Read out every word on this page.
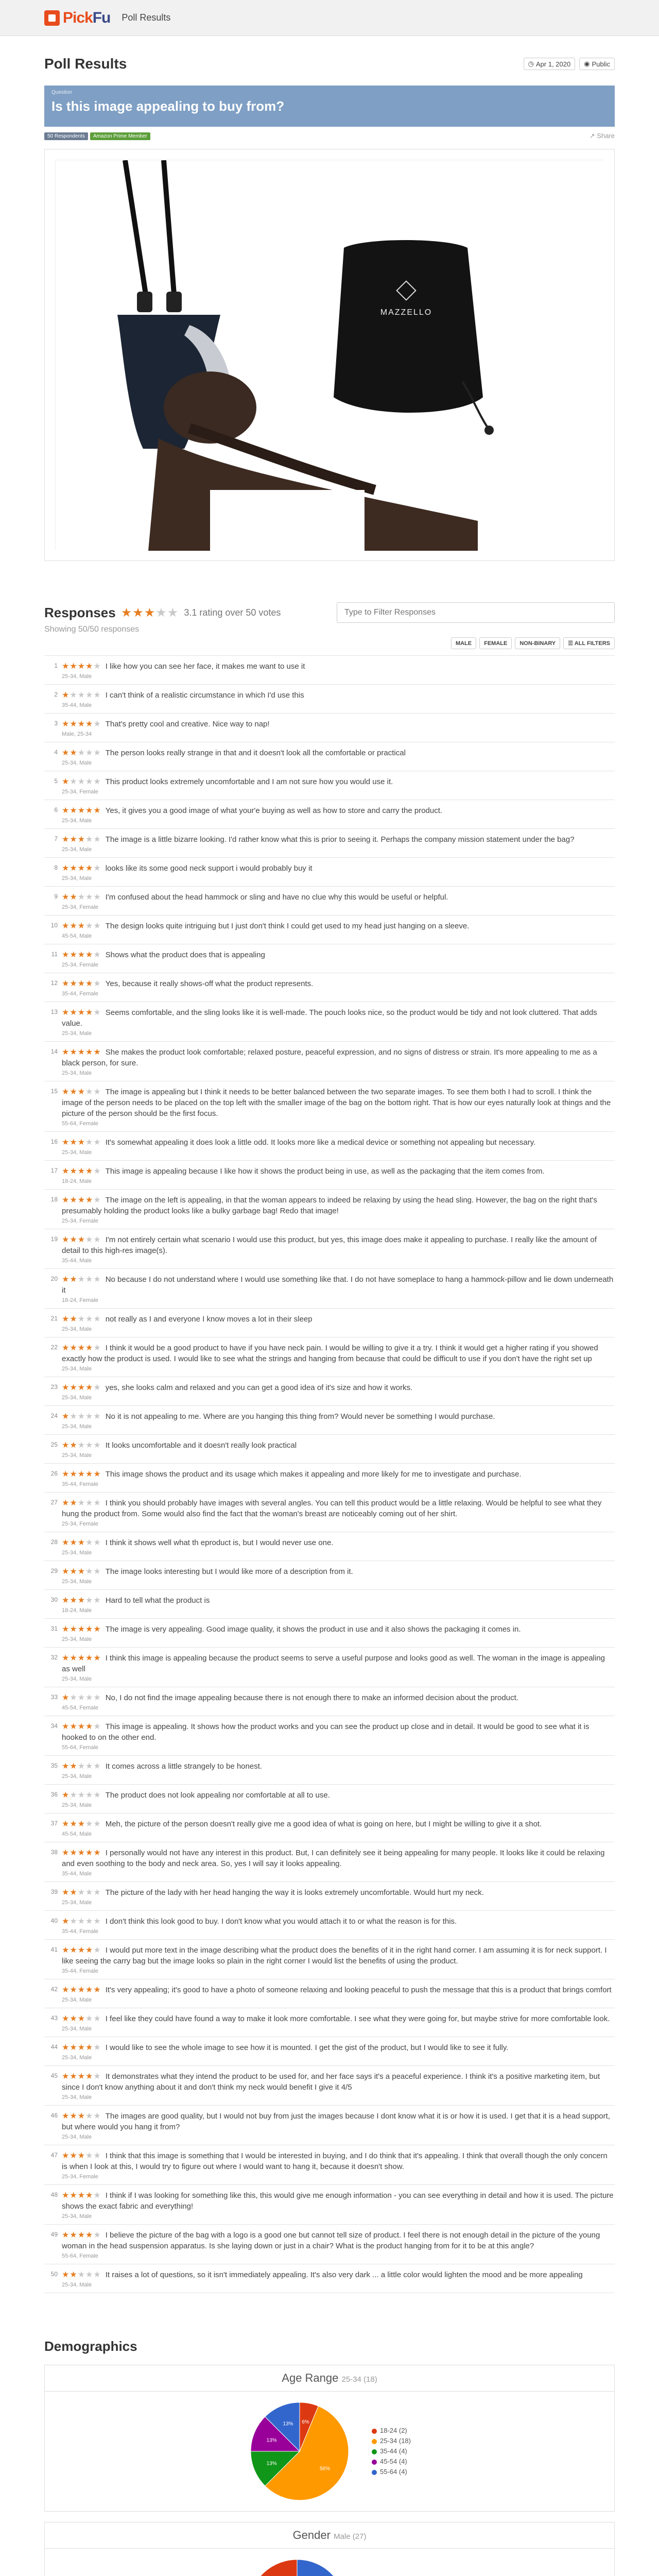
PickFu Poll Results
Poll Results	◷ Apr 1, 2020 ◉ Public
Question
Is this image appealing to buy from?
50 Respondents	Amazon Prime Member	↗ Share
MAZZELLO
Responses ★★★★★ 3.1 rating over 50 votes
Type to Filter Responses
Showing 50/50 responses
MALE	FEMALE	NON-BINARY	☰ ALL FILTERS
1 ★★★★★ I like how you can see her face, it makes me want to use it
25-34, Male
2 ★★★★★ I can't think of a realistic circumstance in which I'd use this
35-44, Male
3 ★★★★★ That's pretty cool and creative. Nice way to nap!
Male, 25-34
4 ★★★★★ The person looks really strange in that and it doesn't look all the comfortable or practical
25-34, Male
5 ★★★★★ This product looks extremely uncomfortable and I am not sure how you would use it.
25-34, Female
6 ★★★★★ Yes, it gives you a good image of what your'e buying as well as how to store and carry the product.
25-34, Male
7 ★★★★★ The image is a little bizarre looking. I'd rather know what this is prior to seeing it. Perhaps the company mission statement under the bag?
25-34, Male
8 ★★★★★ looks like its some good neck support i would probably buy it
25-34, Male
9 ★★★★★ I'm confused about the head hammock or sling and have no clue why this would be useful or helpful.
25-34, Female
10 ★★★★★ The design looks quite intriguing but I just don't think I could get used to my head just hanging on a sleeve.
45-54, Male
11 ★★★★★ Shows what the product does that is appealing
25-34, Female
12 ★★★★★ Yes, because it really shows-off what the product represents.
35-44, Female
13 ★★★★★ Seems comfortable, and the sling looks like it is well-made. The pouch looks nice, so the product would be tidy and not look cluttered. That adds value.
25-34, Male
14 ★★★★★ She makes the product look comfortable; relaxed posture, peaceful expression, and no signs of distress or strain. It's more appealing to me as a black person, for sure.
25-34, Male
15 ★★★★★ The image is appealing but I think it needs to be better balanced between the two separate images. To see them both I had to scroll. I think the image of the person needs to be placed on the top left with the smaller image of the bag on the bottom right. That is how our eyes naturally look at things and the picture of the person should be the first focus.
55-64, Female
16 ★★★★★ It's somewhat appealing it does look a little odd. It looks more like a medical device or something not appealing but necessary.
25-34, Male
17 ★★★★★ This image is appealing because I like how it shows the product being in use, as well as the packaging that the item comes from.
18-24, Male
18 ★★★★★ The image on the left is appealing, in that the woman appears to indeed be relaxing by using the head sling. However, the bag on the right that's presumably holding the product looks like a bulky garbage bag! Redo that image!
25-34, Female
19 ★★★★★ I'm not entirely certain what scenario I would use this product, but yes, this image does make it appealing to purchase. I really like the amount of detail to this high-res image(s).
35-44, Male
20 ★★★★★ No because I do not understand where I would use something like that. I do not have someplace to hang a hammock-pillow and lie down underneath it
18-24, Female
21 ★★★★★ not really as I and everyone I know moves a lot in their sleep
25-34, Male
22 ★★★★★ I think it would be a good product to have if you have neck pain. I would be willing to give it a try. I think it would get a higher rating if you showed exactly how the product is used. I would like to see what the strings and hanging from because that could be difficult to use if you don't have the right set up
25-34, Male
23 ★★★★★ yes, she looks calm and relaxed and you can get a good idea of it's size and how it works.
25-34, Male
24 ★★★★★ No it is not appealing to me. Where are you hanging this thing from? Would never be something I would purchase.
25-34, Male
25 ★★★★★ It looks uncomfortable and it doesn't really look practical
25-34, Male
26 ★★★★★ This image shows the product and its usage which makes it appealing and more likely for me to investigate and purchase.
35-44, Female
27 ★★★★★ I think you should probably have images with several angles. You can tell this product would be a little relaxing. Would be helpful to see what they hung the product from. Some would also find the fact that the woman's breast are noticeably coming out of her shirt.
25-34, Female
28 ★★★★★ I think it shows well what th eproduct is, but I would never use one.
25-34, Male
29 ★★★★★ The image looks interesting but I would like more of a description from it.
25-34, Male
30 ★★★★★ Hard to tell what the product is
18-24, Male
31 ★★★★★ The image is very appealing. Good image quality, it shows the product in use and it also shows the packaging it comes in.
25-34, Male
32 ★★★★★ I think this image is appealing because the product seems to serve a useful purpose and looks good as well. The woman in the image is appealing as well
25-34, Male
33 ★★★★★ No, I do not find the image appealing because there is not enough there to make an informed decision about the product.
45-54, Female
34 ★★★★★ This image is appealing. It shows how the product works and you can see the product up close and in detail. It would be good to see what it is hooked to on the other end.
55-64, Female
35 ★★★★★ It comes across a little strangely to be honest.
25-34, Male
36 ★★★★★ The product does not look appealing nor comfortable at all to use.
25-34, Male
37 ★★★★★ Meh, the picture of the person doesn't really give me a good idea of what is going on here, but I might be willing to give it a shot.
45-54, Male
38 ★★★★★ I personally would not have any interest in this product. But, I can definitely see it being appealing for many people. It looks like it could be relaxing and even soothing to the body and neck area. So, yes I will say it looks appealing.
35-44, Male
39 ★★★★★ The picture of the lady with her head hanging the way it is looks extremely uncomfortable. Would hurt my neck.
25-34, Male
40 ★★★★★ I don't think this look good to buy. I don't know what you would attach it to or what the reason is for this.
35-44, Female
41 ★★★★★ I would put more text in the image describing what the product does the benefits of it in the right hand corner. I am assuming it is for neck support. I like seeing the carry bag but the image looks so plain in the right corner I would list the benefits of using the product.
35-44, Female
42 ★★★★★ It's very appealing; it's good to have a photo of someone relaxing and looking peaceful to push the message that this is a product that brings comfort
25-34, Male
43 ★★★★★ I feel like they could have found a way to make it look more comfortable. I see what they were going for, but maybe strive for more comfortable look.
25-34, Male
44 ★★★★★ I would like to see the whole image to see how it is mounted. I get the gist of the product, but I would like to see it fully.
25-34, Male
45 ★★★★★ It demonstrates what they intend the product to be used for, and her face says it's a peaceful experience. I think it's a positive marketing item, but since I don't know anything about it and don't think my neck would benefit I give it 4/5
25-34, Male
46 ★★★★★ The images are good quality, but I would not buy from just the images because I dont know what it is or how it is used. I get that it is a head support, but where would you hang it from?
25-34, Male
47 ★★★★★ I think that this image is something that I would be interested in buying, and I do think that it's appealing. I think that overall though the only concern is when I look at this, I would try to figure out where I would want to hang it, because it doesn't show.
25-34, Female
48 ★★★★★ I think if I was looking for something like this, this would give me enough information - you can see everything in detail and how it is used. The picture shows the exact fabric and everything!
25-34, Male
49 ★★★★★ I believe the picture of the bag with a logo is a good one but cannot tell size of product. I feel there is not enough detail in the picture of the young woman in the head suspension apparatus. Is she laying down or just in a chair? What is the product hanging from for it to be at this angle?
55-64, Female
50 ★★★★★ It raises a lot of questions, so it isn't immediately appealing. It's also very dark ... a little color would lighten the mood and be more appealing
25-34, Male
Demographics
Age Range 25-34 (18)
6%
56%
13%
13%
13%
18-24 (2)
25-34 (18)
35-44 (4)
45-54 (4)
55-64 (4)
Gender Male (27)
